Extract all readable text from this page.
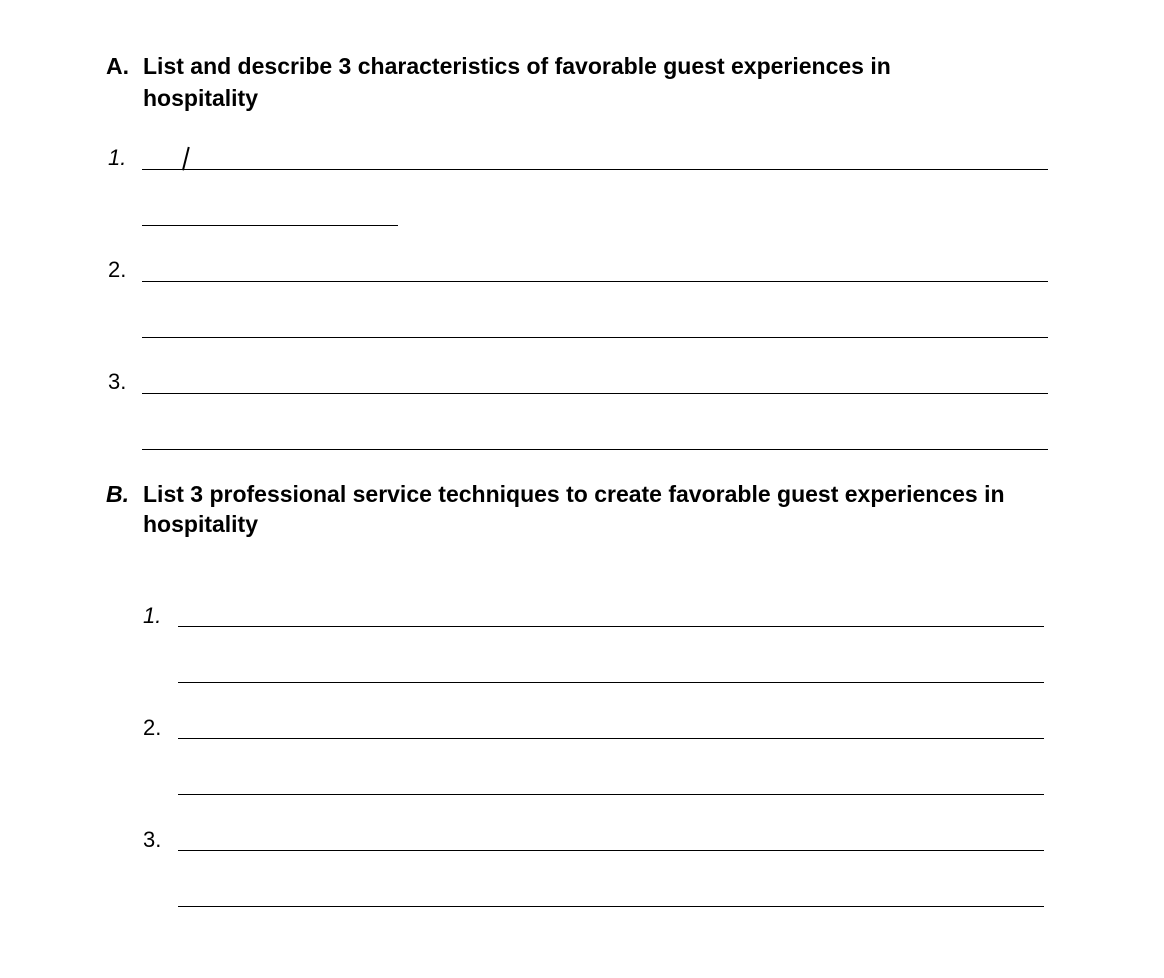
A. List and describe 3 characteristics of favorable guest experiences in
hospitality
1.
2.
3.
B. List 3 professional service techniques to create favorable guest experiences in
hospitality
1.
2.
3.
